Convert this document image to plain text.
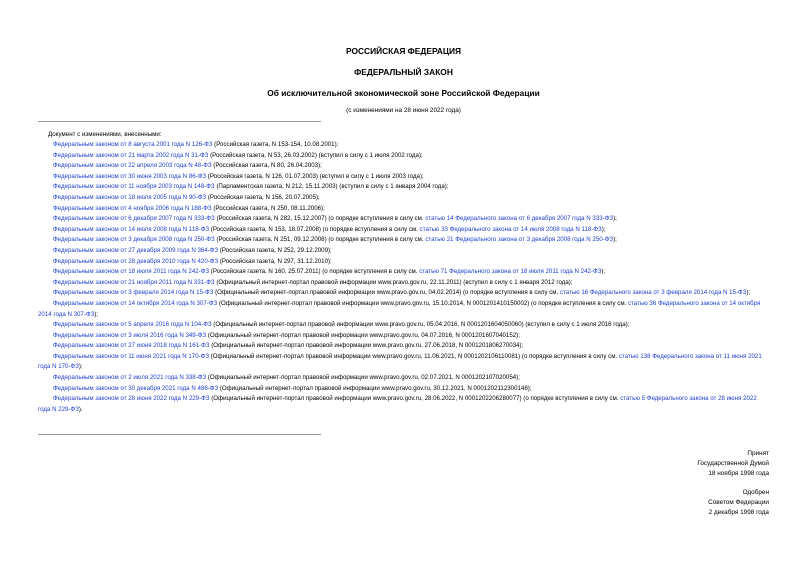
РОССИЙСКАЯ ФЕДЕРАЦИЯ
ФЕДЕРАЛЬНЫЙ ЗАКОН
Об исключительной экономической зоне Российской Федерации
(с изменениями на 28 июня 2022 года)
Документ с изменениями, внесенными:
Федеральным законом от 8 августа 2001 года N 126-ФЗ (Российская газета, N 153-154, 10.08.2001);
Федеральным законом от 21 марта 2002 года N 31-ФЗ (Российская газета, N 53, 26.03.2002) (вступил в силу с 1 июля 2002 года);
Федеральным законом от 22 апреля 2003 года N 48-ФЗ (Российская газета, N 80, 26.04.2003);
Федеральным законом от 30 июня 2003 года N 86-ФЗ (Российская газета, N 126, 01.07.2003) (вступил в силу с 1 июля 2003 года);
Федеральным законом от 11 ноября 2003 года N 148-ФЗ (Парламентская газета, N 212, 15.11.2003) (вступил в силу с 1 января 2004 года);
Федеральным законом от 18 июля 2005 года N 90-ФЗ (Российская газета, N 156, 20.07.2005);
Федеральным законом от 4 ноября 2006 года N 188-ФЗ (Российская газета, N 250, 08.11.2006);
Федеральным законом от 6 декабря 2007 года N 333-ФЗ (Российская газета, N 282, 15.12.2007) (о порядке вступления в силу см. статью 14 Федерального закона от 6 декабря 2007 года N 333-ФЗ);
Федеральным законом от 14 июля 2008 года N 118-ФЗ (Российская газета, N 153, 18.07.2008) (о порядке вступления в силу см. статью 33 Федерального закона от 14 июля 2008 года N 118-ФЗ);
Федеральным законом от 3 декабря 2008 года N 250-ФЗ (Российская газета, N 251, 09.12.2008) (о порядке вступления в силу см. статью 21 Федерального закона от 3 декабря 2008 года N 250-ФЗ);
Федеральным законом от 27 декабря 2009 года N 364-ФЗ (Российская газета, N 252, 29.12.2009);
Федеральным законом от 28 декабря 2010 года N 420-ФЗ (Российская газета, N 297, 31.12.2010);
Федеральным законом от 18 июля 2011 года N 242-ФЗ (Российская газета, N 160, 25.07.2011) (о порядке вступления в силу см. статью 71 Федерального закона от 18 июля 2011 года N 242-ФЗ);
Федеральным законом от 21 ноября 2011 года N 331-ФЗ (Официальный интернет-портал правовой информации www.pravo.gov.ru, 22.11.2011) (вступил в силу с 1 января 2012 года);
Федеральным законом от 3 февраля 2014 года N 15-ФЗ (Официальный интернет-портал правовой информации www.pravo.gov.ru, 04.02.2014) (о порядке вступления в силу см. статью 16 Федерального закона от 3 февраля 2014 года N 15-ФЗ);
Федеральным законом от 14 октября 2014 года N 307-ФЗ (Официальный интернет-портал правовой информации www.pravo.gov.ru, 15.10.2014, N 0001201410150002) (о порядке вступления в силу см. статью 36 Федерального закона от 14 октября 2014 года N 307-ФЗ);
Федеральным законом от 5 апреля 2016 года N 104-ФЗ (Официальный интернет-портал правовой информации www.pravo.gov.ru, 05.04.2016, N 0001201604050060) (вступил в силу с 1 июля 2016 года);
Федеральным законом от 3 июля 2016 года N 349-ФЗ (Официальный интернет-портал правовой информации www.pravo.gov.ru, 04.07.2016, N 0001201607040152);
Федеральным законом от 27 июня 2018 года N 161-ФЗ (Официальный интернет-портал правовой информации www.pravo.gov.ru, 27.06.2018, N 0001201806270034);
Федеральным законом от 11 июня 2021 года N 170-ФЗ (Официальный интернет-портал правовой информации www.pravo.gov.ru, 11.06.2021, N 0001202106110081) (о порядке вступления в силу см. статью 138 Федерального закона от 11 июня 2021 года N 170-ФЗ);
Федеральным законом от 2 июля 2021 года N 338-ФЗ (Официальный интернет-портал правовой информации www.pravo.gov.ru, 02.07.2021, N 0001202107020054);
Федеральным законом от 30 декабря 2021 года N 486-ФЗ (Официальный интернет-портал правовой информации www.pravo.gov.ru, 30.12.2021, N 0001202112300148);
Федеральным законом от 28 июня 2022 года N 229-ФЗ (Официальный интернет-портал правовой информации www.pravo.gov.ru, 28.06.2022, N 0001202206280077) (о порядке вступления в силу см. статью 5 Федерального закона от 28 июня 2022 года N 229-ФЗ).
Принят
Государственной Думой
18 ноября 1998 года
Одобрен
Советом Федерации
2 декабря 1998 года
